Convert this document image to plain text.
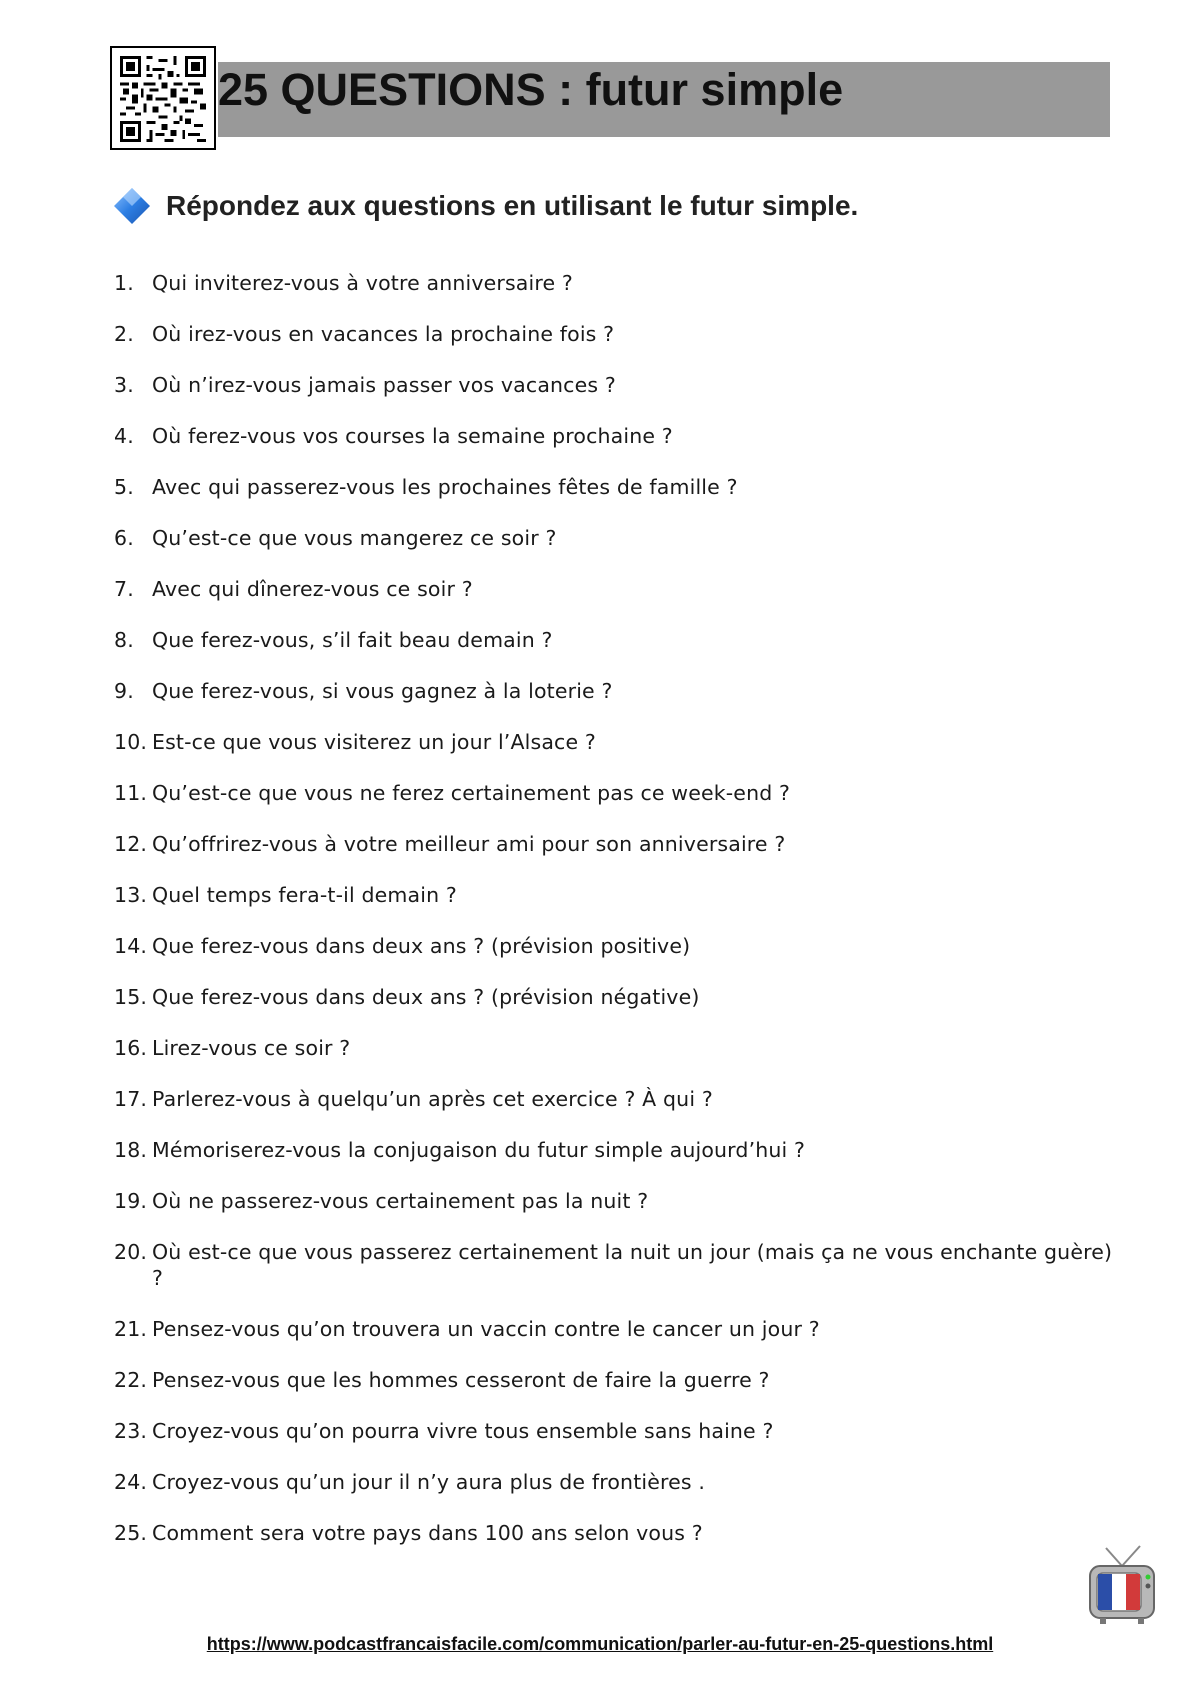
25 QUESTIONS : futur simple
Répondez aux questions en utilisant le futur simple.
1. Qui inviterez-vous à votre anniversaire ?
2. Où irez-vous en vacances la prochaine fois ?
3. Où n’irez-vous jamais passer vos vacances ?
4. Où ferez-vous vos courses la semaine prochaine ?
5. Avec qui passerez-vous les prochaines fêtes de famille ?
6. Qu’est-ce que vous mangerez ce soir ?
7. Avec qui dînerez-vous ce soir ?
8. Que ferez-vous, s’il fait beau demain ?
9. Que ferez-vous, si vous gagnez à la loterie ?
10. Est-ce que vous visiterez un jour l’Alsace ?
11. Qu’est-ce que vous ne ferez certainement pas ce week-end ?
12. Qu’offrirez-vous à votre meilleur ami pour son anniversaire ?
13. Quel temps fera-t-il demain ?
14. Que ferez-vous dans deux ans ? (prévision positive)
15. Que ferez-vous dans deux ans ? (prévision négative)
16. Lirez-vous ce soir ?
17. Parlerez-vous à quelqu’un après cet exercice ? À qui ?
18. Mémoriserez-vous la conjugaison du futur simple aujourd’hui ?
19. Où ne passerez-vous certainement pas la nuit ?
20. Où est-ce que vous passerez certainement la nuit un jour (mais ça ne vous enchante guère) ?
21. Pensez-vous qu’on trouvera un vaccin contre le cancer un jour ?
22. Pensez-vous que les hommes cesseront de faire la guerre ?
23. Croyez-vous qu’on pourra vivre tous ensemble sans haine ?
24. Croyez-vous qu’un jour il n’y aura plus de frontières .
25. Comment sera votre pays dans 100 ans selon vous ?
https://www.podcastfrancaisfacile.com/communication/parler-au-futur-en-25-questions.html
